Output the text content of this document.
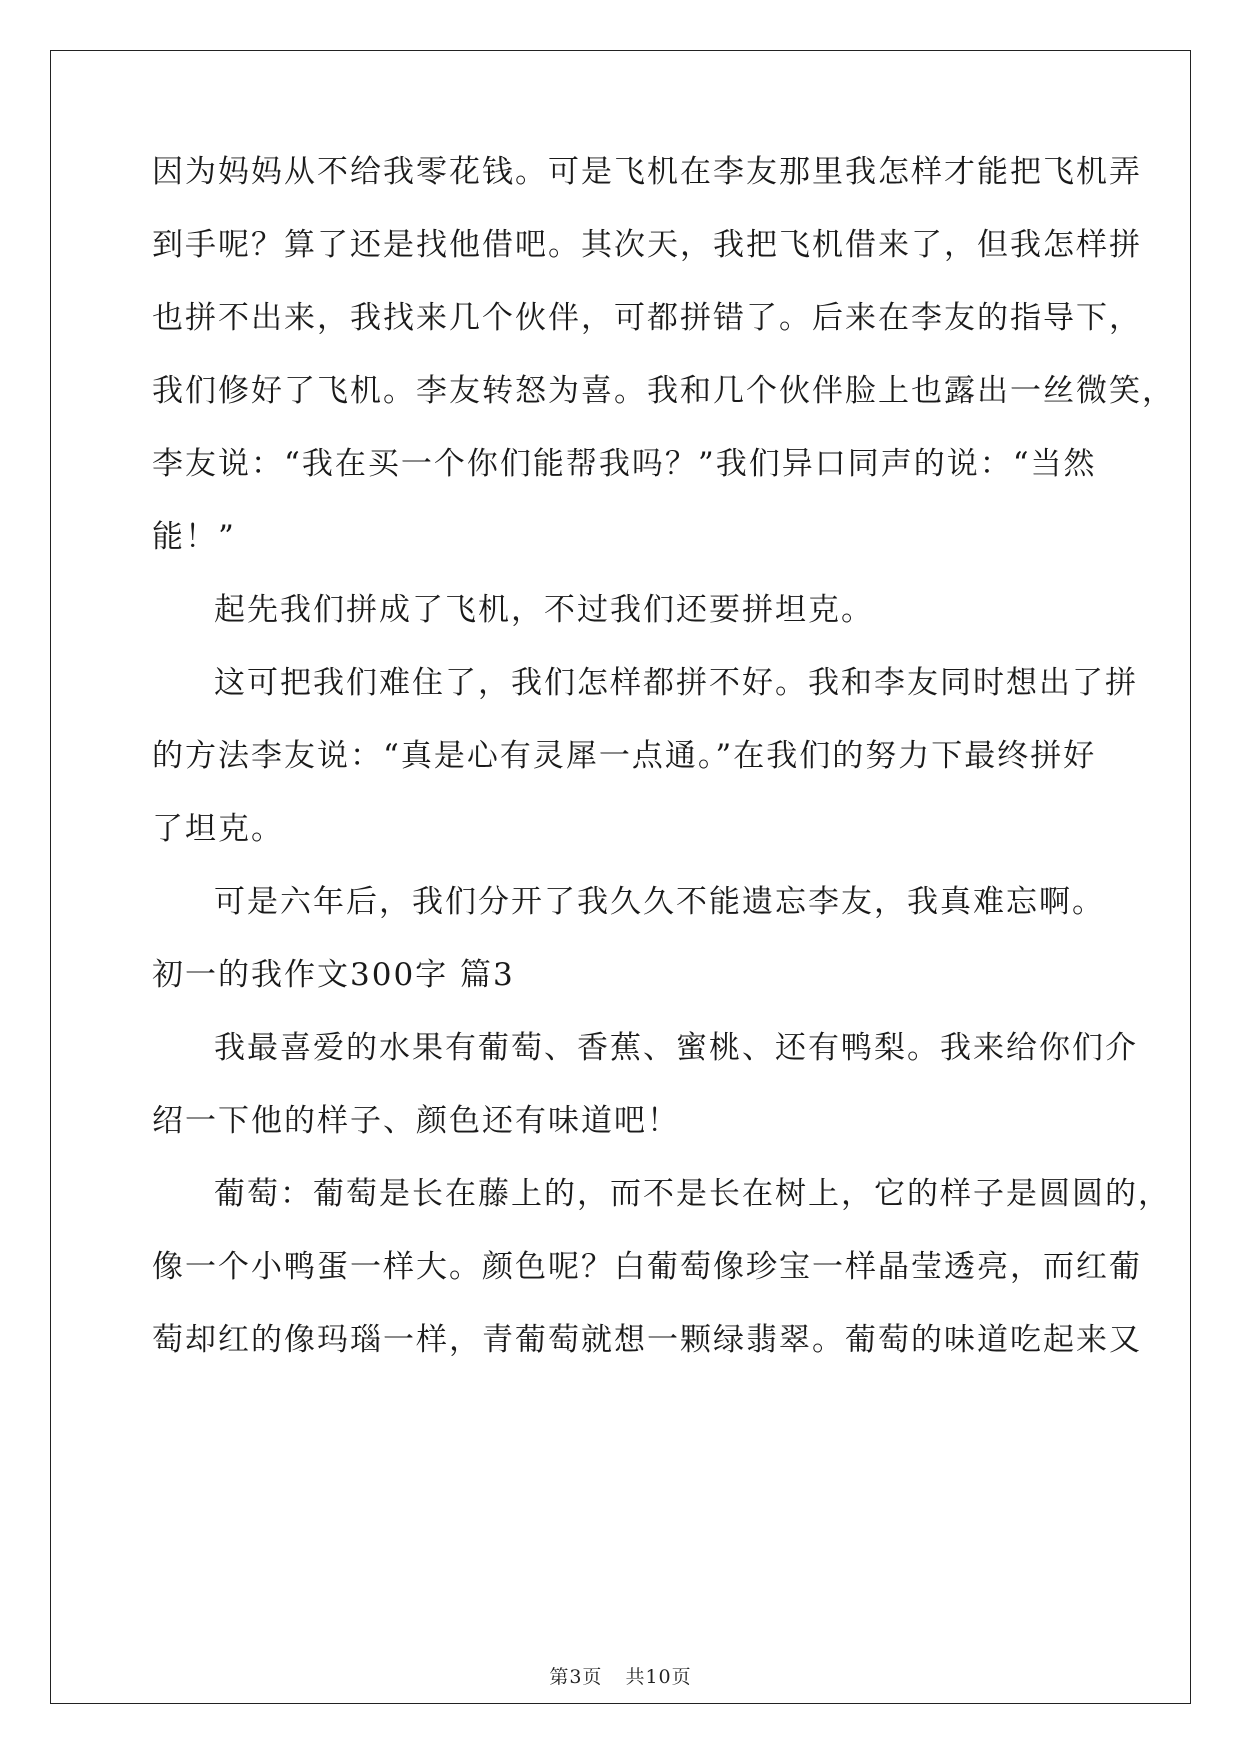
因为妈妈从不给我零花钱。可是飞机在李友那里我怎样才能把飞机弄
到手呢？算了还是找他借吧。其次天，我把飞机借来了，但我怎样拼
也拼不出来，我找来几个伙伴，可都拼错了。后来在李友的指导下，
我们修好了飞机。李友转怒为喜。我和几个伙伴脸上也露出一丝微笑，
李友说：“我在买一个你们能帮我吗？”我们异口同声的说：“当然
能！”
起先我们拼成了飞机，不过我们还要拼坦克。
这可把我们难住了，我们怎样都拼不好。我和李友同时想出了拼
的方法李友说：“真是心有灵犀一点通。”在我们的努力下最终拼好
了坦克。
可是六年后，我们分开了我久久不能遗忘李友，我真难忘啊。
初一的我作文300字 篇3
我最喜爱的水果有葡萄、香蕉、蜜桃、还有鸭梨。我来给你们介
绍一下他的样子、颜色还有味道吧！
葡萄：葡萄是长在藤上的，而不是长在树上，它的样子是圆圆的，
像一个小鸭蛋一样大。颜色呢？白葡萄像珍宝一样晶莹透亮，而红葡
萄却红的像玛瑙一样，青葡萄就想一颗绿翡翠。葡萄的味道吃起来又
第3页 共10页
